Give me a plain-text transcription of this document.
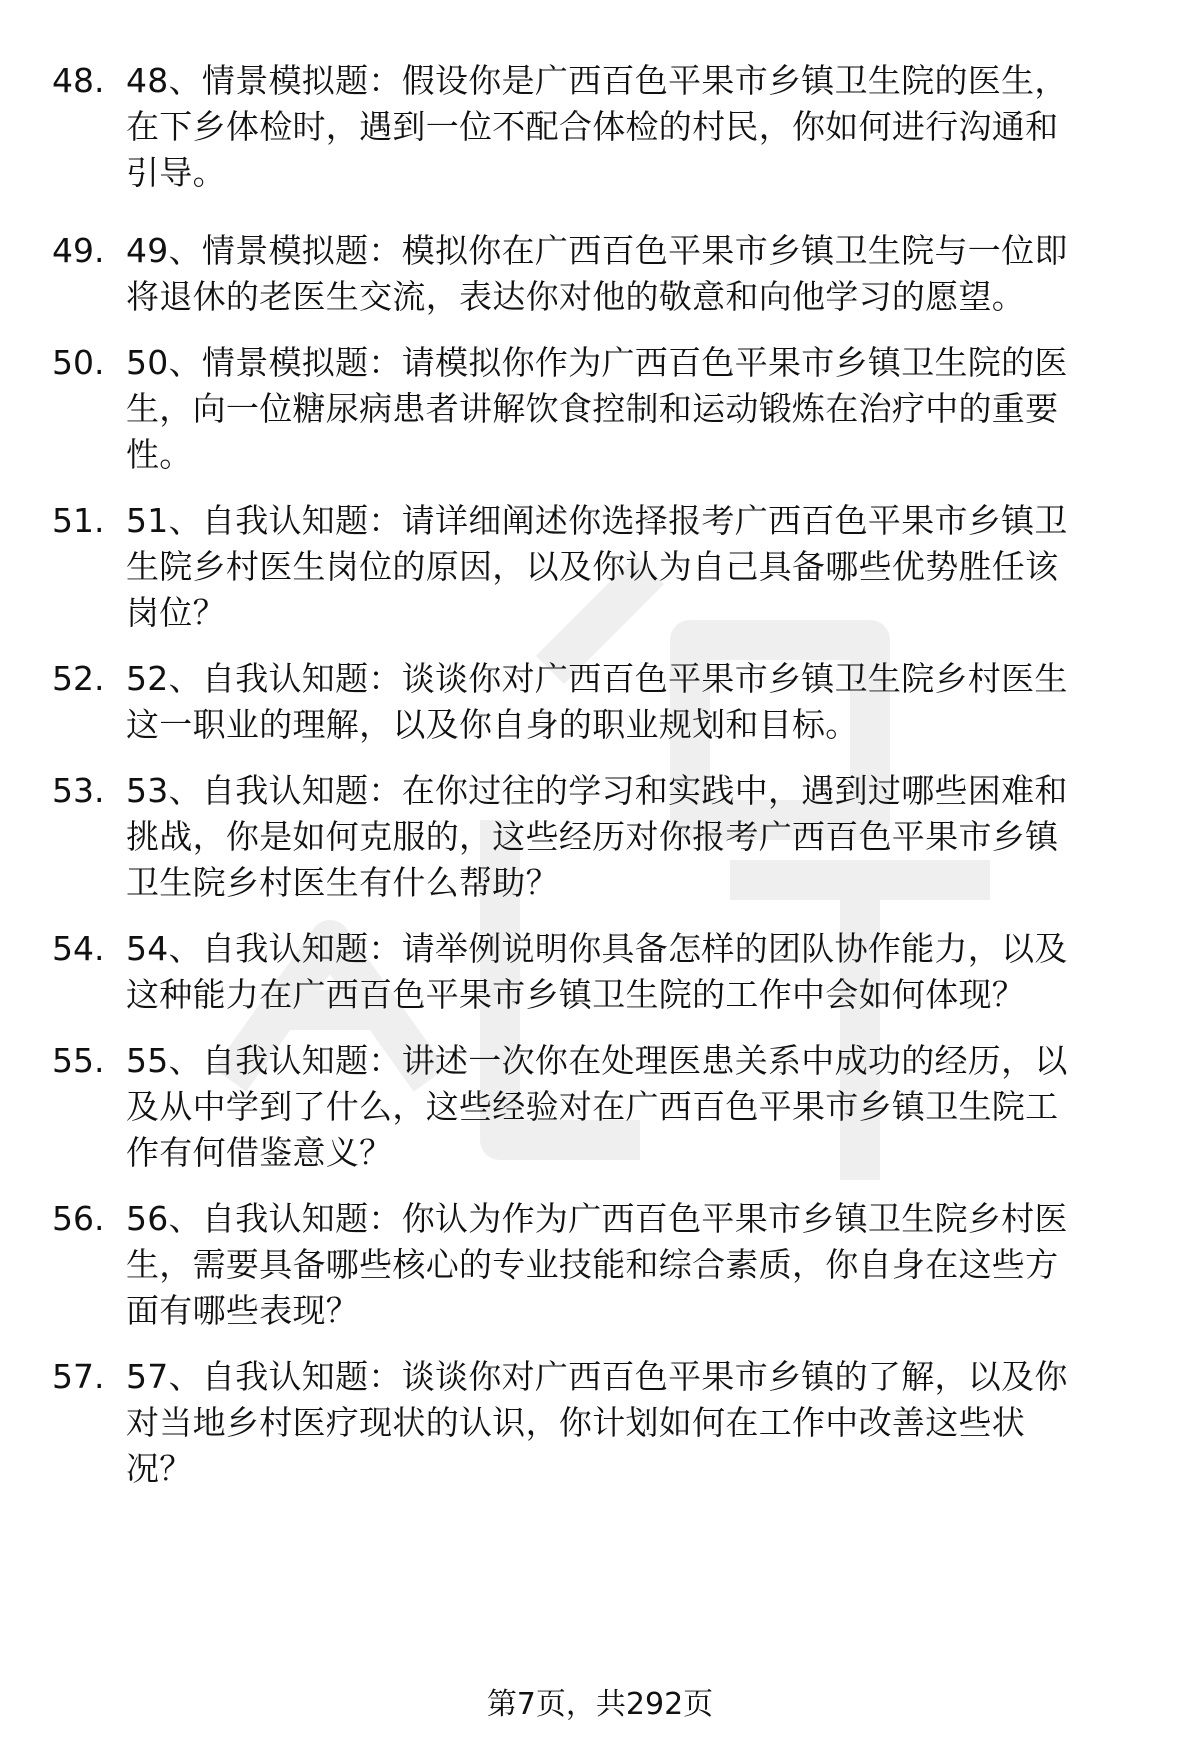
48. 48、情景模拟题：假设你是广西百色平果市乡镇卫生院的医生，
在下乡体检时，遇到一位不配合体检的村民，你如何进行沟通和
引导。
49. 49、情景模拟题：模拟你在广西百色平果市乡镇卫生院与一位即
将退休的老医生交流，表达你对他的敬意和向他学习的愿望。
50. 50、情景模拟题：请模拟你作为广西百色平果市乡镇卫生院的医
生，向一位糖尿病患者讲解饮食控制和运动锻炼在治疗中的重要
性。
51. 51、自我认知题：请详细阐述你选择报考广西百色平果市乡镇卫
生院乡村医生岗位的原因，以及你认为自己具备哪些优势胜任该
岗位？
52. 52、自我认知题：谈谈你对广西百色平果市乡镇卫生院乡村医生
这一职业的理解，以及你自身的职业规划和目标。
53. 53、自我认知题：在你过往的学习和实践中，遇到过哪些困难和
挑战，你是如何克服的，这些经历对你报考广西百色平果市乡镇
卫生院乡村医生有什么帮助？
54. 54、自我认知题：请举例说明你具备怎样的团队协作能力，以及
这种能力在广西百色平果市乡镇卫生院的工作中会如何体现？
55. 55、自我认知题：讲述一次你在处理医患关系中成功的经历，以
及从中学到了什么，这些经验对在广西百色平果市乡镇卫生院工
作有何借鉴意义？
56. 56、自我认知题：你认为作为广西百色平果市乡镇卫生院乡村医
生，需要具备哪些核心的专业技能和综合素质，你自身在这些方
面有哪些表现？
57. 57、自我认知题：谈谈你对广西百色平果市乡镇的了解，以及你
对当地乡村医疗现状的认识，你计划如何在工作中改善这些状
况？
第7页，共292页
